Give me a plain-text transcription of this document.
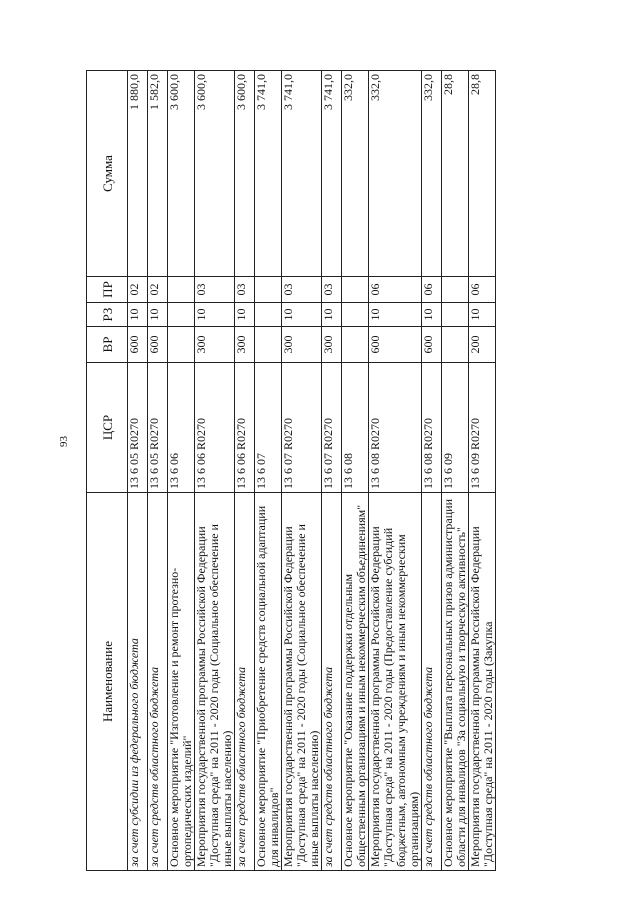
93
Наименование	ЦСР	ВР	РЗ	ПР	Сумма
за счет субсидии из федерального бюджета	13 6 05 R0270	600	10	02	1 880,0
за счет средств областного бюджета	13 6 05 R0270	600	10	02	1 582,0
Основное мероприятие "Изготовление и ремонт протезно-ортопедических изделий"	13 6 06				3 600,0
Мероприятия государственной программы Российской Федерации "Доступная среда" на 2011 - 2020 годы (Социальное обеспечение и иные выплаты населению)	13 6 06 R0270	300	10	03	3 600,0
за счет средств областного бюджета	13 6 06 R0270	300	10	03	3 600,0
Основное мероприятие "Приобретение средств социальной адаптации для инвалидов"	13 6 07				3 741,0
Мероприятия государственной программы Российской Федерации "Доступная среда" на 2011 - 2020 годы (Социальное обеспечение и иные выплаты населению)	13 6 07 R0270	300	10	03	3 741,0
за счет средств областного бюджета	13 6 07 R0270	300	10	03	3 741,0
Основное мероприятие "Оказание поддержки отдельным общественным организациям и иным некоммерческим объединениям"	13 6 08				332,0
Мероприятия государственной программы Российской Федерации "Доступная среда" на 2011 - 2020 годы (Предоставление субсидий бюджетным, автономным учреждениям и иным некоммерческим организациям)	13 6 08 R0270	600	10	06	332,0
за счет средств областного бюджета	13 6 08 R0270	600	10	06	332,0
Основное мероприятие "Выплата персональных призов администрации области для инвалидов "За социальную и творческую активность"	13 6 09				28,8
Мероприятия государственной программы Российской Федерации "Доступная среда" на 2011 - 2020 годы (Закупка	13 6 09 R0270	200	10	06	28,8
